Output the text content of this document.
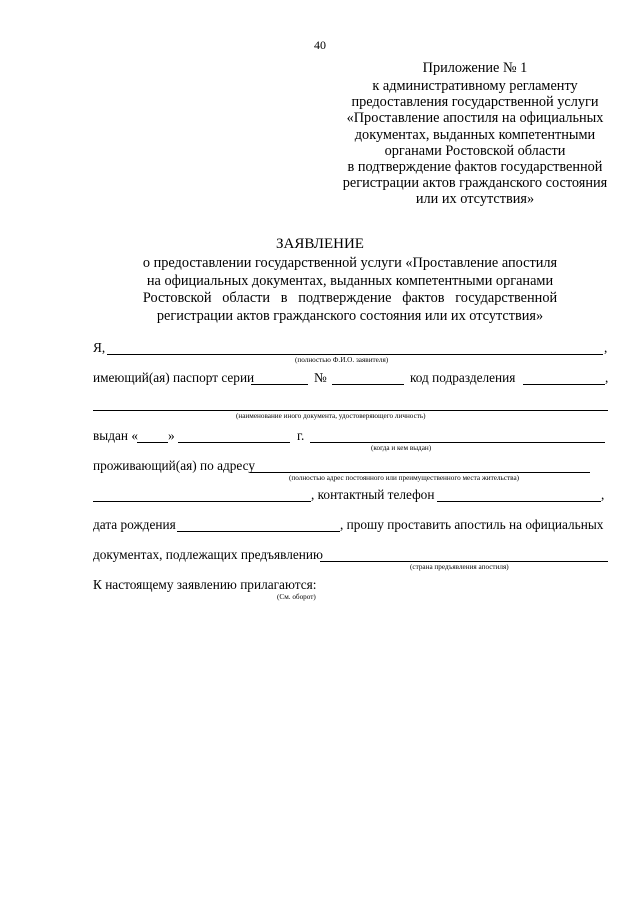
40
Приложение № 1
к административному регламенту
предоставления государственной услуги
«Проставление апостиля на официальных
документах, выданных компетентными
органами Ростовской области
в подтверждение фактов государственной
регистрации актов гражданского состояния
или их отсутствия»
ЗАЯВЛЕНИЕ
о предоставлении государственной услуги «Проставление апостиля
на официальных документах, выданных компетентными органами
Ростовской   области   в   подтверждение   фактов   государственной
регистрации актов гражданского состояния или их отсутствия»
Я,	,
(полностью Ф.И.О. заявителя)
имеющий(ая) паспорт серии	№	код подразделения	,
(наименование иного документа, удостоверяющего личность)
выдан « »	г.
(когда и кем выдан)
проживающий(ая) по адресу
(полностью адрес постоянного или преимущественного места жительства)
, контактный телефон	,
дата рождения	, прошу проставить апостиль на официальных
документах, подлежащих предъявлению
(страна предъявления апостиля)
К настоящему заявлению прилагаются:
(См. оборот)
